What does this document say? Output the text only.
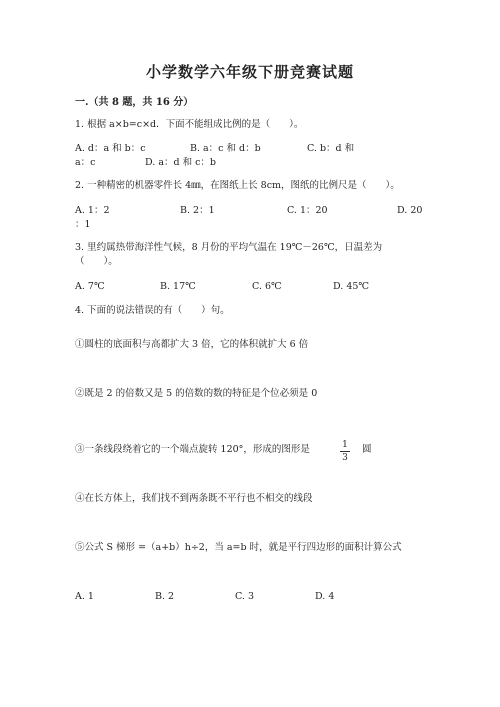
小学数学六年级下册竞赛试题
一.（共 8 题，共 16 分）
1. 根据 a×b=c×d．下面不能组成比例的是（　　）。
A. d：a 和 b：c	B. a：c 和 d：b	C. b：d 和
a：c	D. a：d 和 c：b
2. 一种精密的机器零件长 4㎜，在图纸上长 8cm，图纸的比例尺是（　　）。
A. 1：2	B. 2：1	C. 1：20	D. 20
：1
3. 里约属热带海洋性气候，8 月份的平均气温在 19℃－26℃，日温差为
（　　）。
A. 7℃	B. 17℃	C. 6℃	D. 45℃
4. 下面的说法错误的有（　　）句。
①圆柱的底面积与高都扩大 3 倍，它的体积就扩大 6 倍
②既是 2 的倍数又是 5 的倍数的数的特征是个位必须是 0
③一条线段绕着它的一个端点旋转 120°，形成的图形是	$\frac{1}{3}$ 圆
④在长方体上，我们找不到两条既不平行也不相交的线段
⑤公式 S 梯形 =（a+b）h÷2，当 a=b 时，就是平行四边形的面积计算公式
A. 1	B. 2	C. 3	D. 4
